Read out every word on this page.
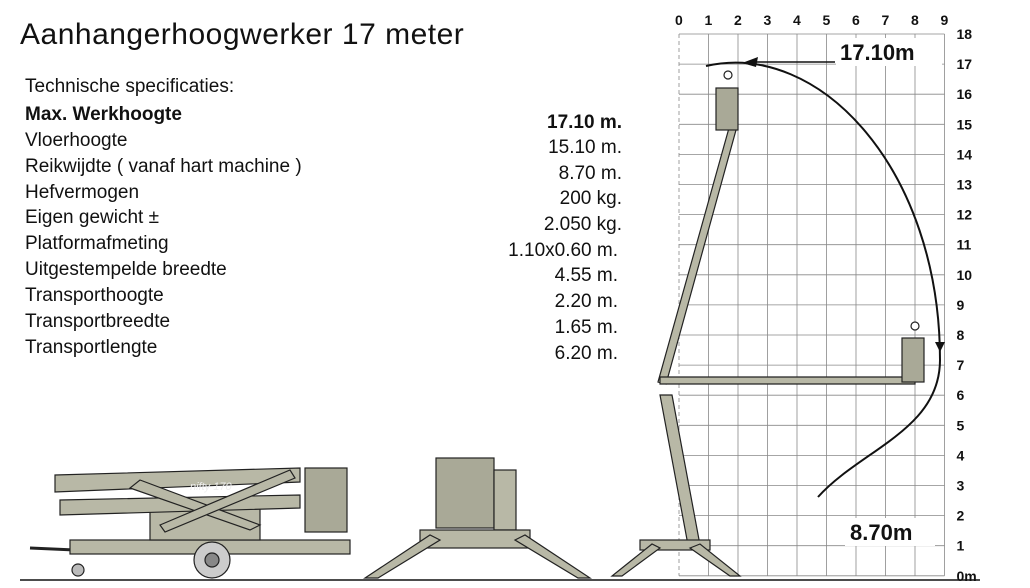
Aanhangerhoogwerker 17 meter
Technische specificaties:
Max. Werkhoogte	17.10 m.
Vloerhoogte	15.10 m.
Reikwijdte ( vanaf hart machine )	8.70 m.
Hefvermogen	200 kg.
Eigen gewicht ±	2.050 kg.
Platformafmeting	1.10x0.60 m.
Uitgestempelde breedte	4.55 m.
Transporthoogte	2.20 m.
Transportbreedte	1.65 m.
Transportlengte	6.20 m.
0 1 2 3 4 5 6 7 8 9
18
17
16
15
14
13
12
11
10
9
8
7
6
5
4
3
2
1
0m
17.10m
8.70m
nifty 170
